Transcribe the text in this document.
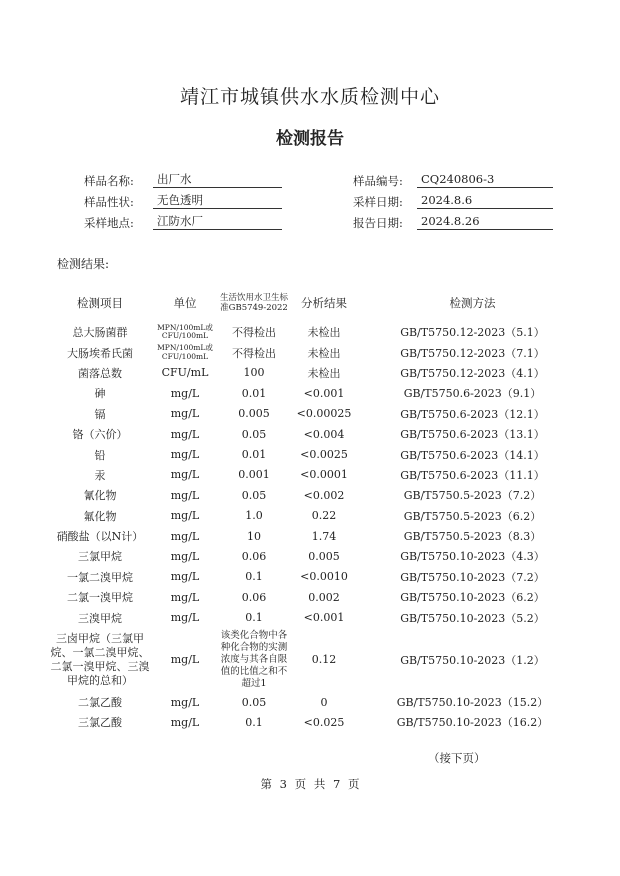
靖江市城镇供水水质检测中心
检测报告
样品名称:	出厂水
样品性状:	无色透明
采样地点:	江防水厂
样品编号:	CQ240806-3
采样日期:	2024.8.6
报告日期:	2024.8.26
检测结果:
检测项目	单位	生活饮用水卫生标准GB5749-2022	分析结果	检测方法
总大肠菌群	MPN/100mL或CFU/100mL	不得检出	未检出	GB/T5750.12-2023（5.1）
大肠埃希氏菌	MPN/100mL或CFU/100mL	不得检出	未检出	GB/T5750.12-2023（7.1）
菌落总数	CFU/mL	100	未检出	GB/T5750.12-2023（4.1）
砷	mg/L	0.01	<0.001	GB/T5750.6-2023（9.1）
镉	mg/L	0.005	<0.00025	GB/T5750.6-2023（12.1）
铬（六价）	mg/L	0.05	<0.004	GB/T5750.6-2023（13.1）
铅	mg/L	0.01	<0.0025	GB/T5750.6-2023（14.1）
汞	mg/L	0.001	<0.0001	GB/T5750.6-2023（11.1）
氰化物	mg/L	0.05	<0.002	GB/T5750.5-2023（7.2）
氟化物	mg/L	1.0	0.22	GB/T5750.5-2023（6.2）
硝酸盐（以N计）	mg/L	10	1.74	GB/T5750.5-2023（8.3）
三氯甲烷	mg/L	0.06	0.005	GB/T5750.10-2023（4.3）
一氯二溴甲烷	mg/L	0.1	<0.0010	GB/T5750.10-2023（7.2）
二氯一溴甲烷	mg/L	0.06	0.002	GB/T5750.10-2023（6.2）
三溴甲烷	mg/L	0.1	<0.001	GB/T5750.10-2023（5.2）

三卤甲烷（三氯甲烷、一氯二溴甲烷、二氯一溴甲烷、三溴甲烷的总和）	mg/L	该类化合物中各种化合物的实测浓度与其各自限值的比值之和不超过1	0.12	GB/T5750.10-2023（1.2）
二氯乙酸	mg/L	0.05	0	GB/T5750.10-2023（15.2）
三氯乙酸	mg/L	0.1	<0.025	GB/T5750.10-2023（16.2）
（接下页）
第 3 页 共 7 页
